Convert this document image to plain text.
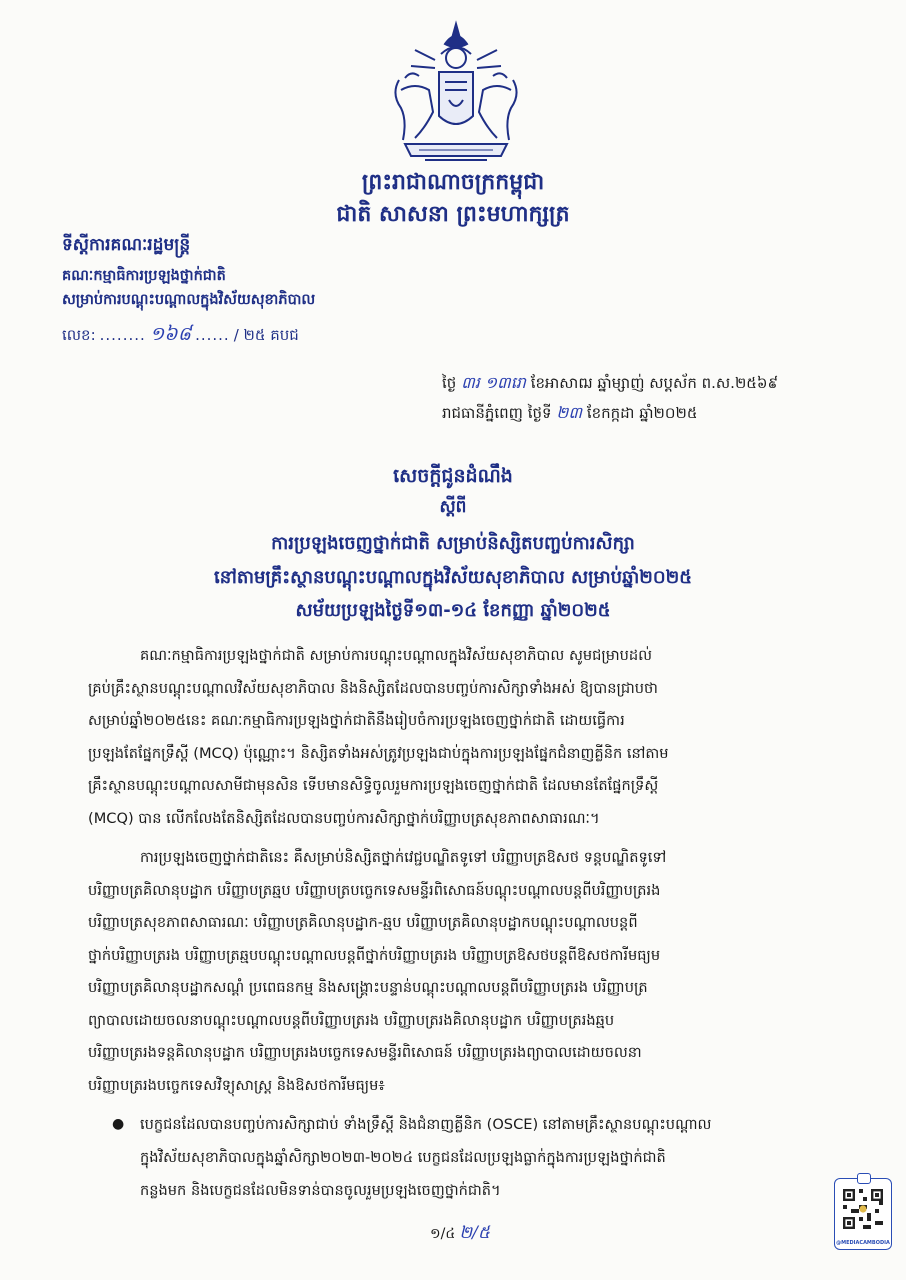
ព្រះរាជាណាចក្រកម្ពុជា
ជាតិ សាសនា ព្រះមហាក្សត្រ
ទីស្តីការគណៈរដ្ឋមន្ត្រី
គណៈកម្មាធិការប្រឡងថ្នាក់ជាតិ
សម្រាប់ការបណ្តុះបណ្តាលក្នុងវិស័យសុខាភិបាល
លេខ: ........ ១៦៨ ...... / ២៥ គបជ
ថ្ងៃ ៣រ ១៣រោ ខែអាសាឍ ឆ្នាំម្សាញ់ សប្តស័ក ព.ស.២៥៦៩
រាជធានីភ្នំពេញ ថ្ងៃទី ២៣ ខែកក្កដា ឆ្នាំ២០២៥
សេចក្តីជូនដំណឹង
ស្តីពី
ការប្រឡងចេញថ្នាក់ជាតិ សម្រាប់និស្សិតបញ្ចប់ការសិក្សា
នៅតាមគ្រឹះស្ថានបណ្តុះបណ្តាលក្នុងវិស័យសុខាភិបាល សម្រាប់ឆ្នាំ២០២៥
សម័យប្រឡងថ្ងៃទី១៣-១៤ ខែកញ្ញា ឆ្នាំ២០២៥
គណៈកម្មាធិការប្រឡងថ្នាក់ជាតិ សម្រាប់ការបណ្តុះបណ្តាលក្នុងវិស័យសុខាភិបាល សូមជម្រាបដល់
គ្រប់គ្រឹះស្ថានបណ្តុះបណ្តាលវិស័យសុខាភិបាល និងនិស្សិតដែលបានបញ្ចប់ការសិក្សាទាំងអស់ ឱ្យបានជ្រាបថា
សម្រាប់ឆ្នាំ២០២៥នេះ គណៈកម្មាធិការប្រឡងថ្នាក់ជាតិនឹងរៀបចំការប្រឡងចេញថ្នាក់ជាតិ ដោយធ្វើការ
ប្រឡងតែផ្នែកទ្រឹស្តី (MCQ) ប៉ុណ្ណោះ។ និស្សិតទាំងអស់ត្រូវប្រឡងជាប់ក្នុងការប្រឡងផ្នែកជំនាញគ្លីនិក នៅតាម
គ្រឹះស្ថានបណ្តុះបណ្តាលសាមីជាមុនសិន ទើបមានសិទ្ធិចូលរួមការប្រឡងចេញថ្នាក់ជាតិ ដែលមានតែផ្នែកទ្រឹស្តី
(MCQ) បាន លើកលែងតែនិស្សិតដែលបានបញ្ចប់ការសិក្សាថ្នាក់បរិញ្ញាបត្រសុខភាពសាធារណៈ។
ការប្រឡងចេញថ្នាក់ជាតិនេះ គឺសម្រាប់និស្សិតថ្នាក់វេជ្ជបណ្ឌិតទូទៅ បរិញ្ញាបត្រឱសថ ទន្តបណ្ឌិតទូទៅ
បរិញ្ញាបត្រគិលានុបដ្ឋាក បរិញ្ញាបត្រឆ្មប បរិញ្ញាបត្របច្ចេកទេសមន្ទីរពិសោធន៍បណ្តុះបណ្តាលបន្តពីបរិញ្ញាបត្ររង
បរិញ្ញាបត្រសុខភាពសាធារណៈ បរិញ្ញាបត្រគិលានុបដ្ឋាក-ឆ្មប បរិញ្ញាបត្រគិលានុបដ្ឋាកបណ្តុះបណ្តាលបន្តពី
ថ្នាក់បរិញ្ញាបត្ររង បរិញ្ញាបត្រឆ្មបបណ្តុះបណ្តាលបន្តពីថ្នាក់បរិញ្ញាបត្ររង បរិញ្ញាបត្រឱសថបន្តពីឱសថការីមធ្យម
បរិញ្ញាបត្រគិលានុបដ្ឋាកសណ្តំ ប្រពេធនកម្ម និងសង្គ្រោះបន្ទាន់បណ្តុះបណ្តាលបន្តពីបរិញ្ញាបត្ររង បរិញ្ញាបត្រ
ព្យាបាលដោយចលនាបណ្តុះបណ្តាលបន្តពីបរិញ្ញាបត្ររង បរិញ្ញាបត្ររងគិលានុបដ្ឋាក បរិញ្ញាបត្ររងឆ្មប
បរិញ្ញាបត្ររងទន្តគិលានុបដ្ឋាក បរិញ្ញាបត្ររងបច្ចេកទេសមន្ទីរពិសោធន៍ បរិញ្ញាបត្ររងព្យាបាលដោយចលនា
បរិញ្ញាបត្ររងបច្ចេកទេសវិទ្យុសាស្ត្រ និងឱសថការីមធ្យម៖
●	បេក្ខជនដែលបានបញ្ចប់ការសិក្សាជាប់ ទាំងទ្រឹស្តី និងជំនាញគ្លីនិក (OSCE) នៅតាមគ្រឹះស្ថានបណ្តុះបណ្តាល
ក្នុងវិស័យសុខាភិបាលក្នុងឆ្នាំសិក្សា២០២៣-២០២៤ បេក្ខជនដែលប្រឡងធ្លាក់ក្នុងការប្រឡងថ្នាក់ជាតិ
កន្លងមក និងបេក្ខជនដែលមិនទាន់បានចូលរួមប្រឡងចេញថ្នាក់ជាតិ។
១/៤ ២/៥	@MEDIACAMBODIA
